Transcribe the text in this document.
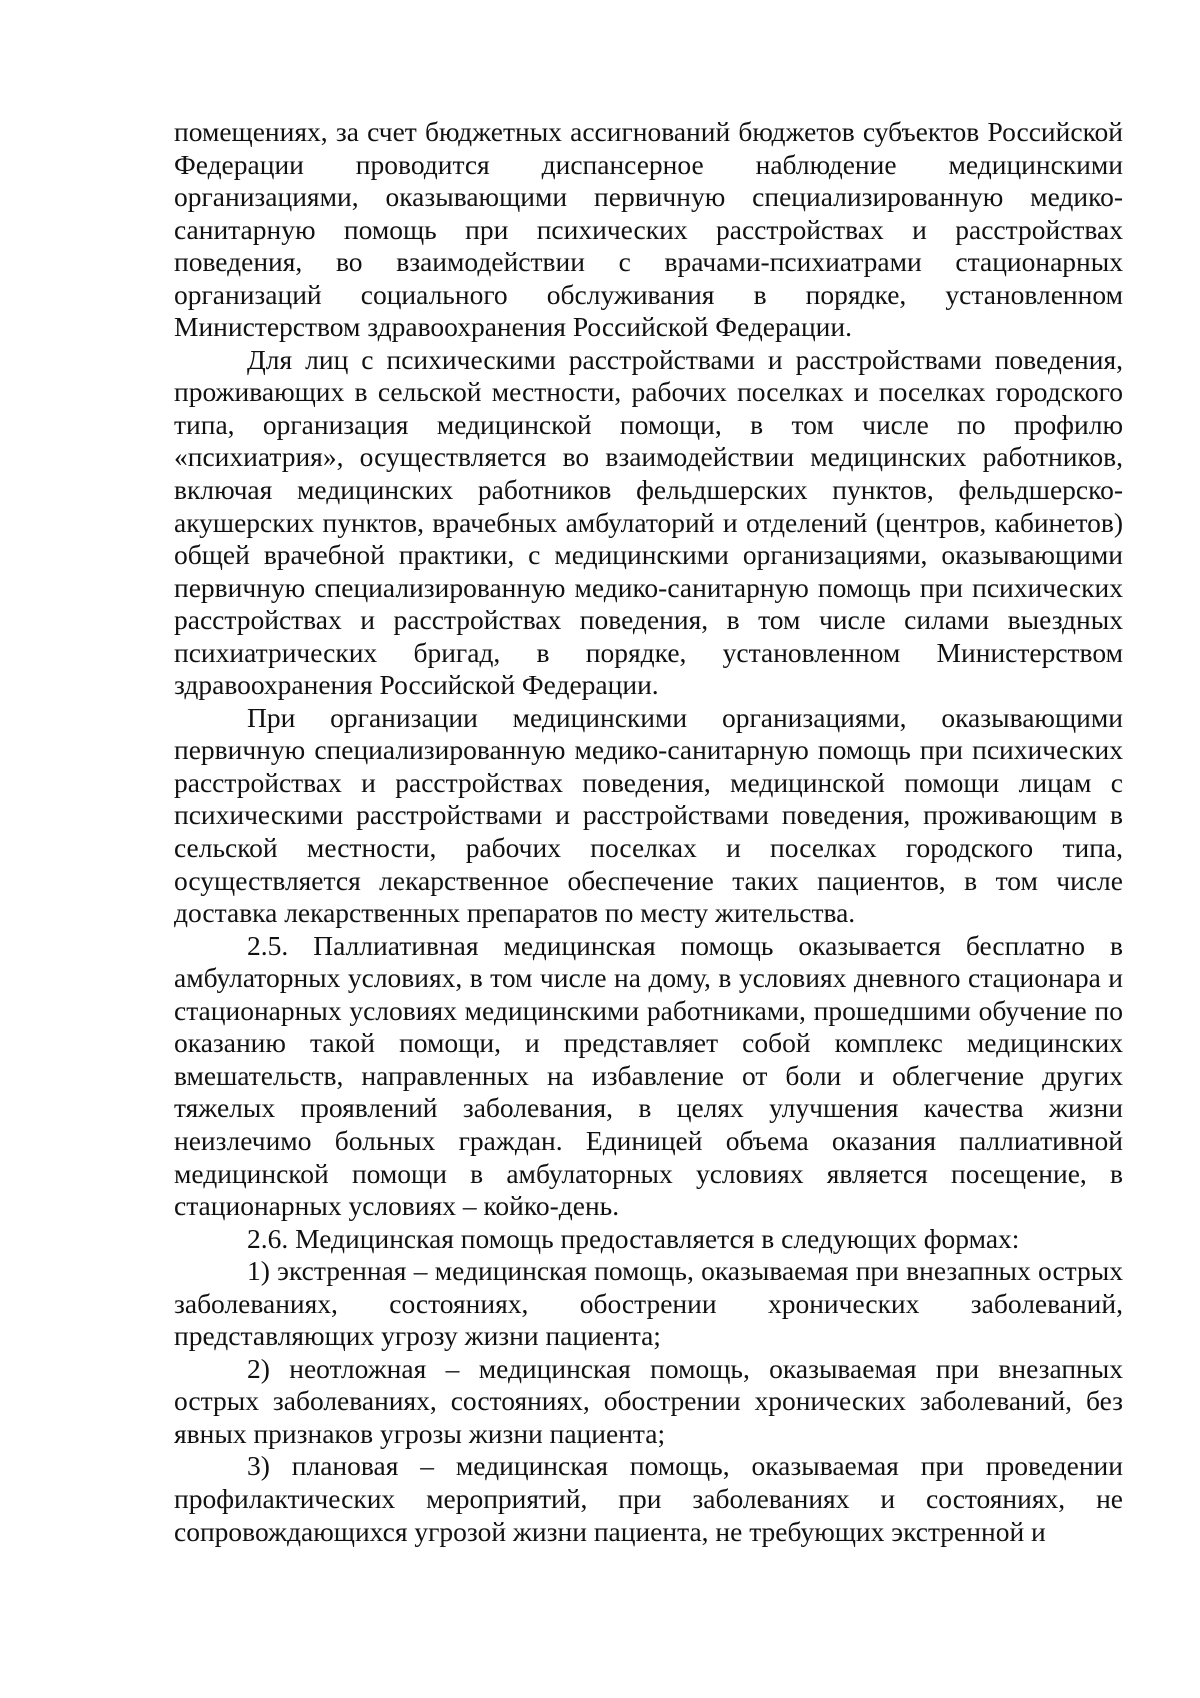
помещениях, за счет бюджетных ассигнований бюджетов субъектов Российской Федерации проводится диспансерное наблюдение медицинскими организациями, оказывающими первичную специализированную медико-санитарную помощь при психических расстройствах и расстройствах поведения, во взаимодействии с врачами-психиатрами стационарных организаций социального обслуживания в порядке, установленном Министерством здравоохранения Российской Федерации.

Для лиц с психическими расстройствами и расстройствами поведения, проживающих в сельской местности, рабочих поселках и поселках городского типа, организация медицинской помощи, в том числе по профилю «психиатрия», осуществляется во взаимодействии медицинских работников, включая медицинских работников фельдшерских пунктов, фельдшерско-акушерских пунктов, врачебных амбулаторий и отделений (центров, кабинетов) общей врачебной практики, с медицинскими организациями, оказывающими первичную специализированную медико-санитарную помощь при психических расстройствах и расстройствах поведения, в том числе силами выездных психиатрических бригад, в порядке, установленном Министерством здравоохранения Российской Федерации.

При организации медицинскими организациями, оказывающими первичную специализированную медико-санитарную помощь при психических расстройствах и расстройствах поведения, медицинской помощи лицам с психическими расстройствами и расстройствами поведения, проживающим в сельской местности, рабочих поселках и поселках городского типа, осуществляется лекарственное обеспечение таких пациентов, в том числе доставка лекарственных препаратов по месту жительства.

2.5. Паллиативная медицинская помощь оказывается бесплатно в амбулаторных условиях, в том числе на дому, в условиях дневного стационара и стационарных условиях медицинскими работниками, прошедшими обучение по оказанию такой помощи, и представляет собой комплекс медицинских вмешательств, направленных на избавление от боли и облегчение других тяжелых проявлений заболевания, в целях улучшения качества жизни неизлечимо больных граждан. Единицей объема оказания паллиативной медицинской помощи в амбулаторных условиях является посещение, в стационарных условиях – койко-день.

2.6. Медицинская помощь предоставляется в следующих формах:

1) экстренная – медицинская помощь, оказываемая при внезапных острых заболеваниях, состояниях, обострении хронических заболеваний, представляющих угрозу жизни пациента;

2) неотложная – медицинская помощь, оказываемая при внезапных острых заболеваниях, состояниях, обострении хронических заболеваний, без явных признаков угрозы жизни пациента;

3) плановая – медицинская помощь, оказываемая при проведении профилактических мероприятий, при заболеваниях и состояниях, не сопровождающихся угрозой жизни пациента, не требующих экстренной и
